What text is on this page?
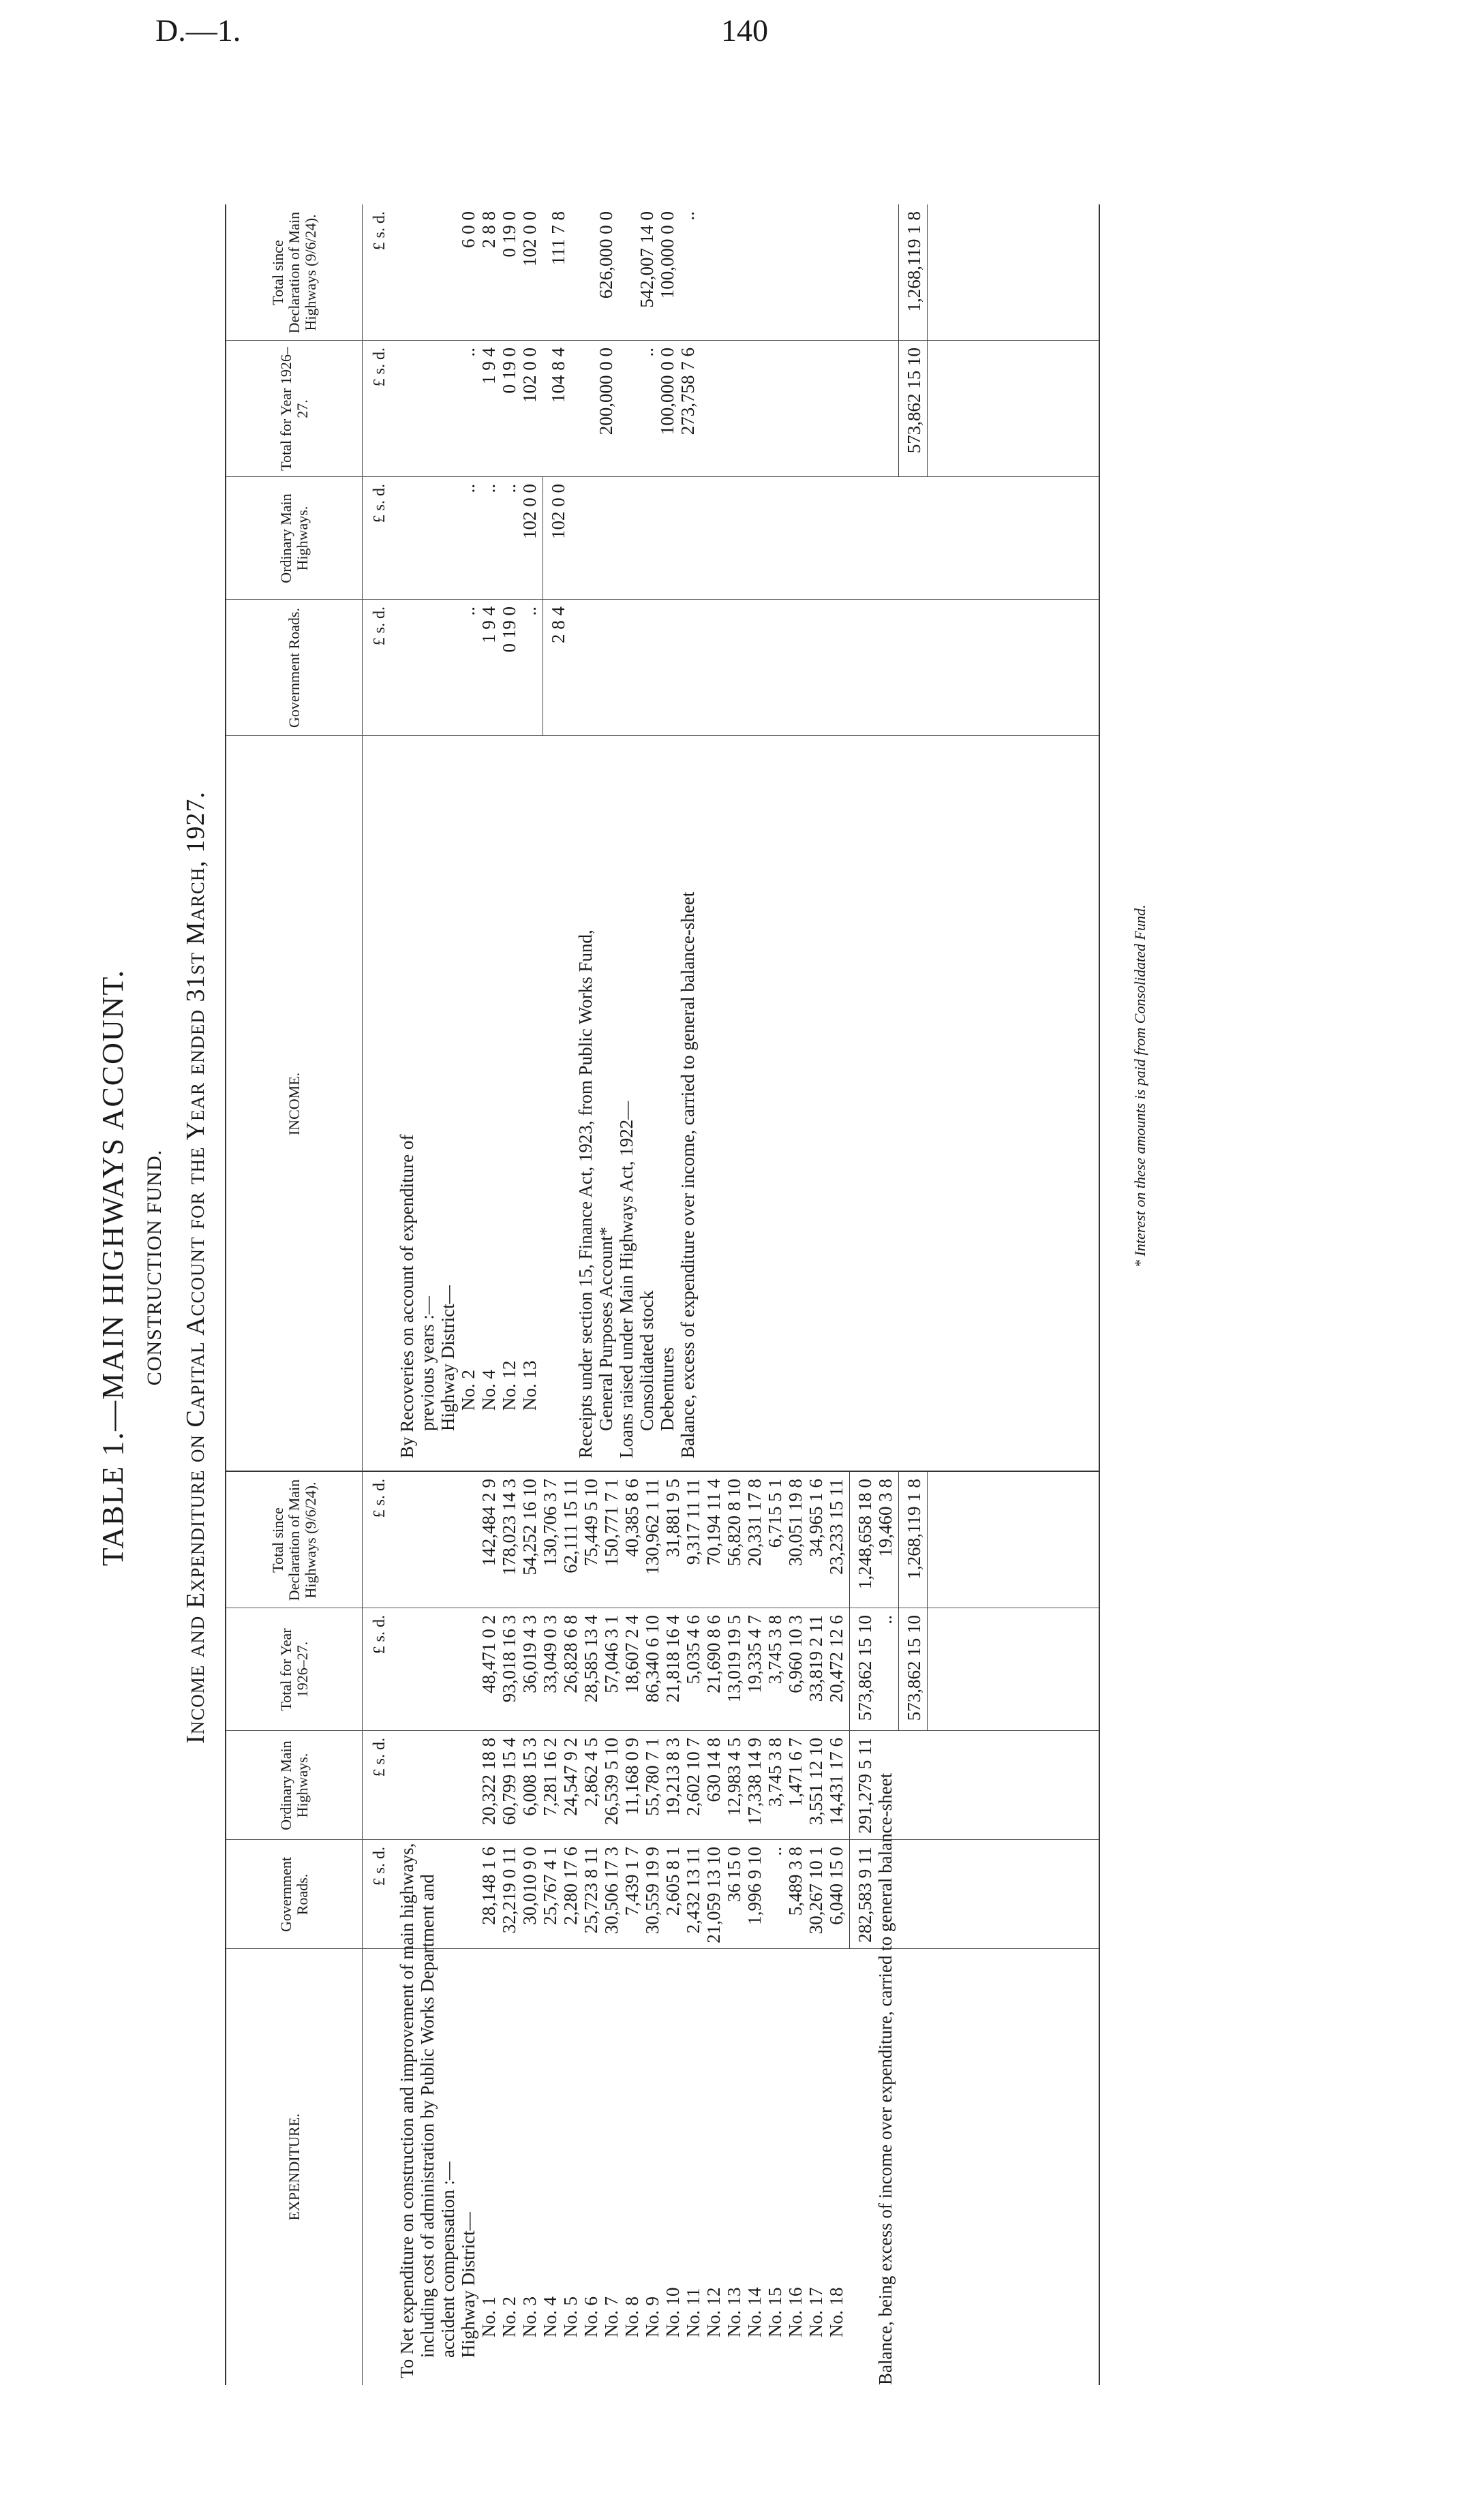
D.—1.	140
TABLE 1.—MAIN HIGHWAYS ACCOUNT. CONSTRUCTION FUND. Income and Expenditure on Capital Account for the Year ended 31st March, 1927.
EXPENDITURE.
Government Roads.
Ordinary Main Highways.
Total for Year 1926–27.
Total since Declaration of Main Highways (9/6/24).
INCOME.
Government Roads.
Ordinary Main Highways.
Total for Year 1926–27.
Total since Declaration of Main Highways (9/6/24).
£ s. d.
£ s. d.
£ s. d.
£ s. d.
£ s. d.
£ s. d.
£ s. d.
£ s. d.
To Net expenditure on construction and improvement of main highways, including cost of administration by Public Works Department and accident compensation :— Highway District— No. 1
28,148 1 6
20,322 18 8
48,471 0 2
142,484 2 9
No. 2
32,219 0 11
60,799 15 4
93,018 16 3
178,023 14 3
No. 3
30,010 9 0
6,008 15 3
36,019 4 3
54,252 16 10
No. 4
25,767 4 1
7,281 16 2
33,049 0 3
130,706 3 7
No. 5
2,280 17 6
24,547 9 2
26,828 6 8
62,111 15 11
No. 6
25,723 8 11
2,862 4 5
28,585 13 4
75,449 5 10
No. 7
30,506 17 3
26,539 5 10
57,046 3 1
150,771 7 1
No. 8
7,439 1 7
11,168 0 9
18,607 2 4
40,385 8 6
No. 9
30,559 19 9
55,780 7 1
86,340 6 10
130,962 1 11
No. 10
2,605 8 1
19,213 8 3
21,818 16 4
31,881 9 5
No. 11
2,432 13 11
2,602 10 7
5,035 4 6
9,317 11 11
No. 12
21,059 13 10
630 14 8
21,690 8 6
70,194 11 4
No. 13
36 15 0
12,983 4 5
13,019 19 5
56,820 8 10
No. 14
1,996 9 10
17,338 14 9
19,335 4 7
20,331 17 8
No. 15
..
3,745 3 8
3,745 3 8
6,715 5 1
No. 16
5,489 3 8
1,471 6 7
6,960 10 3
30,051 19 8
No. 17
30,267 10 1
3,551 12 10
33,819 2 11
34,965 1 6
No. 18
6,040 15 0
14,431 17 6
20,472 12 6
23,233 15 11
282,583 9 11
291,279 5 11
573,862 15 10
1,248,658 18 0
Balance, being excess of income over expenditure, carried to general balance-sheet
..
19,460 3 8
573,862 15 10
1,268,119 1 8
By Recoveries on account of expenditure of previous years :— Highway District— No. 2
..
..
..
6 0 0
No. 4
1 9 4
..
1 9 4
2 8 8
No. 12
0 19 0
..
0 19 0
0 19 0
No. 13
..
102 0 0
102 0 0
102 0 0
2 8 4
102 0 0
104 8 4
111 7 8
Receipts under section 15, Finance Act, 1923, from Public Works Fund, General Purposes Account*
200,000 0 0
626,000 0 0
Loans raised under Main Highways Act, 1922— Consolidated stock
..
542,007 14 0
Debentures
100,000 0 0
100,000 0 0
Balance, excess of expenditure over income, carried to general balance-sheet
273,758 7 6
..
573,862 15 10
1,268,119 1 8
* Interest on these amounts is paid from Consolidated Fund.
